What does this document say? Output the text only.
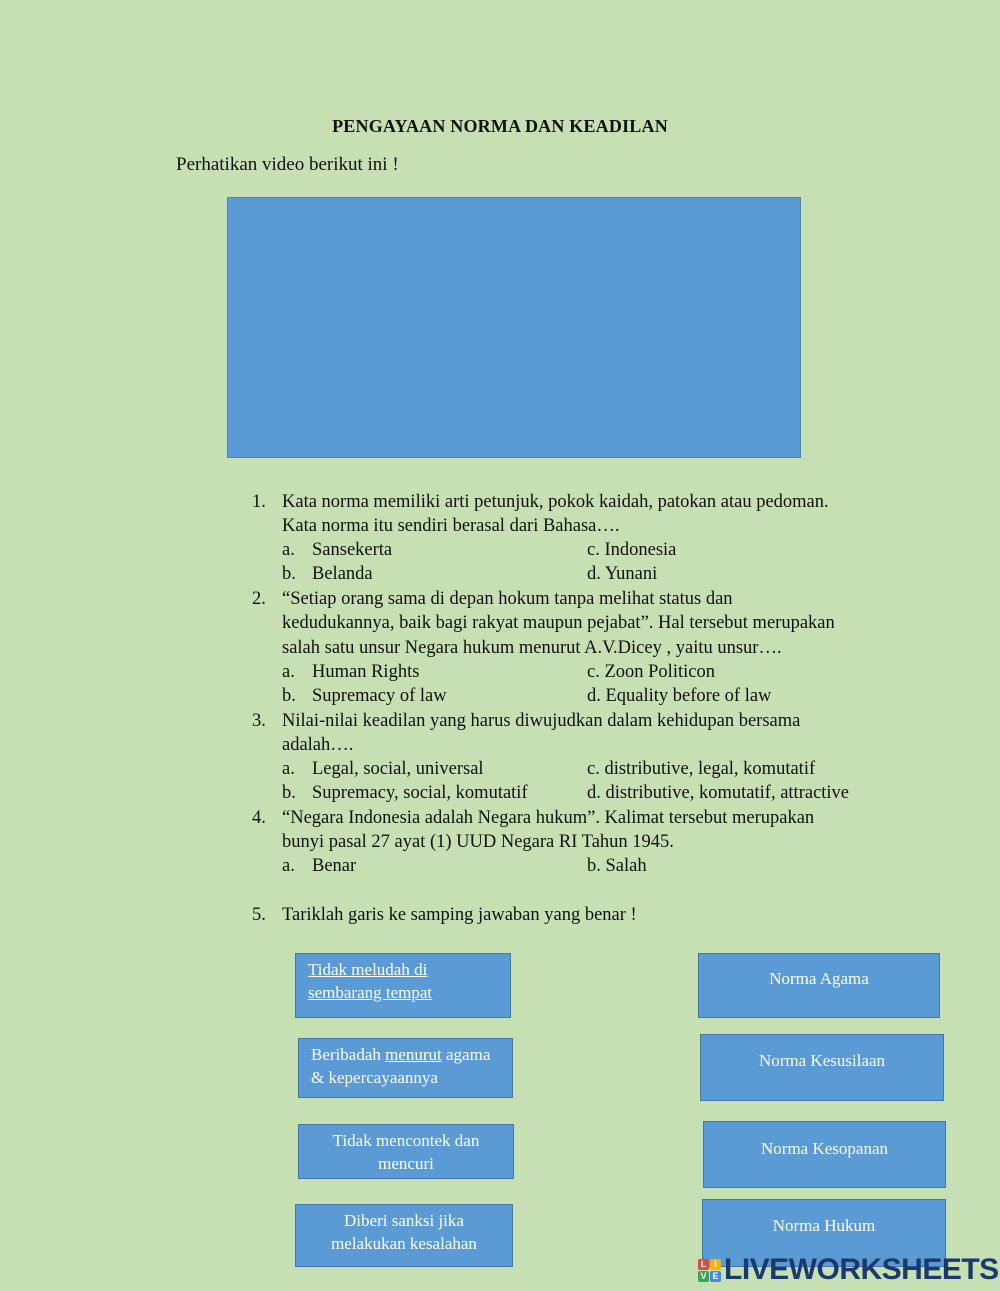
PENGAYAAN NORMA DAN KEADILAN
Perhatikan video berikut ini !
1. Kata norma memiliki arti petunjuk, pokok kaidah, patokan atau pedoman.
Kata norma itu sendiri berasal dari Bahasa….
a. Sansekerta	c. Indonesia
b. Belanda	d. Yunani
2. “Setiap orang sama di depan hokum tanpa melihat status dan
kedudukannya, baik bagi rakyat maupun pejabat”. Hal tersebut merupakan
salah satu unsur Negara hukum menurut A.V.Dicey , yaitu unsur….
a. Human Rights	c. Zoon Politicon
b. Supremacy of law	d. Equality before of law
3. Nilai-nilai keadilan yang harus diwujudkan dalam kehidupan bersama
adalah….
a. Legal, social, universal	c. distributive, legal, komutatif
b. Supremacy, social, komutatif	d. distributive, komutatif, attractive
4. “Negara Indonesia adalah Negara hukum”. Kalimat tersebut merupakan
bunyi pasal 27 ayat (1) UUD Negara RI Tahun 1945.
a. Benar	b. Salah
5. Tariklah garis ke samping jawaban yang benar !
Tidak meludah di
sembarang tempat
Beribadah menurut agama
& kepercayaannya
Tidak mencontek dan
mencuri
Diberi sanksi jika
melakukan kesalahan
Norma Agama
Norma Kesusilaan
Norma Kesopanan
Norma Hukum
L I
V E LIVEWORKSHEETS
